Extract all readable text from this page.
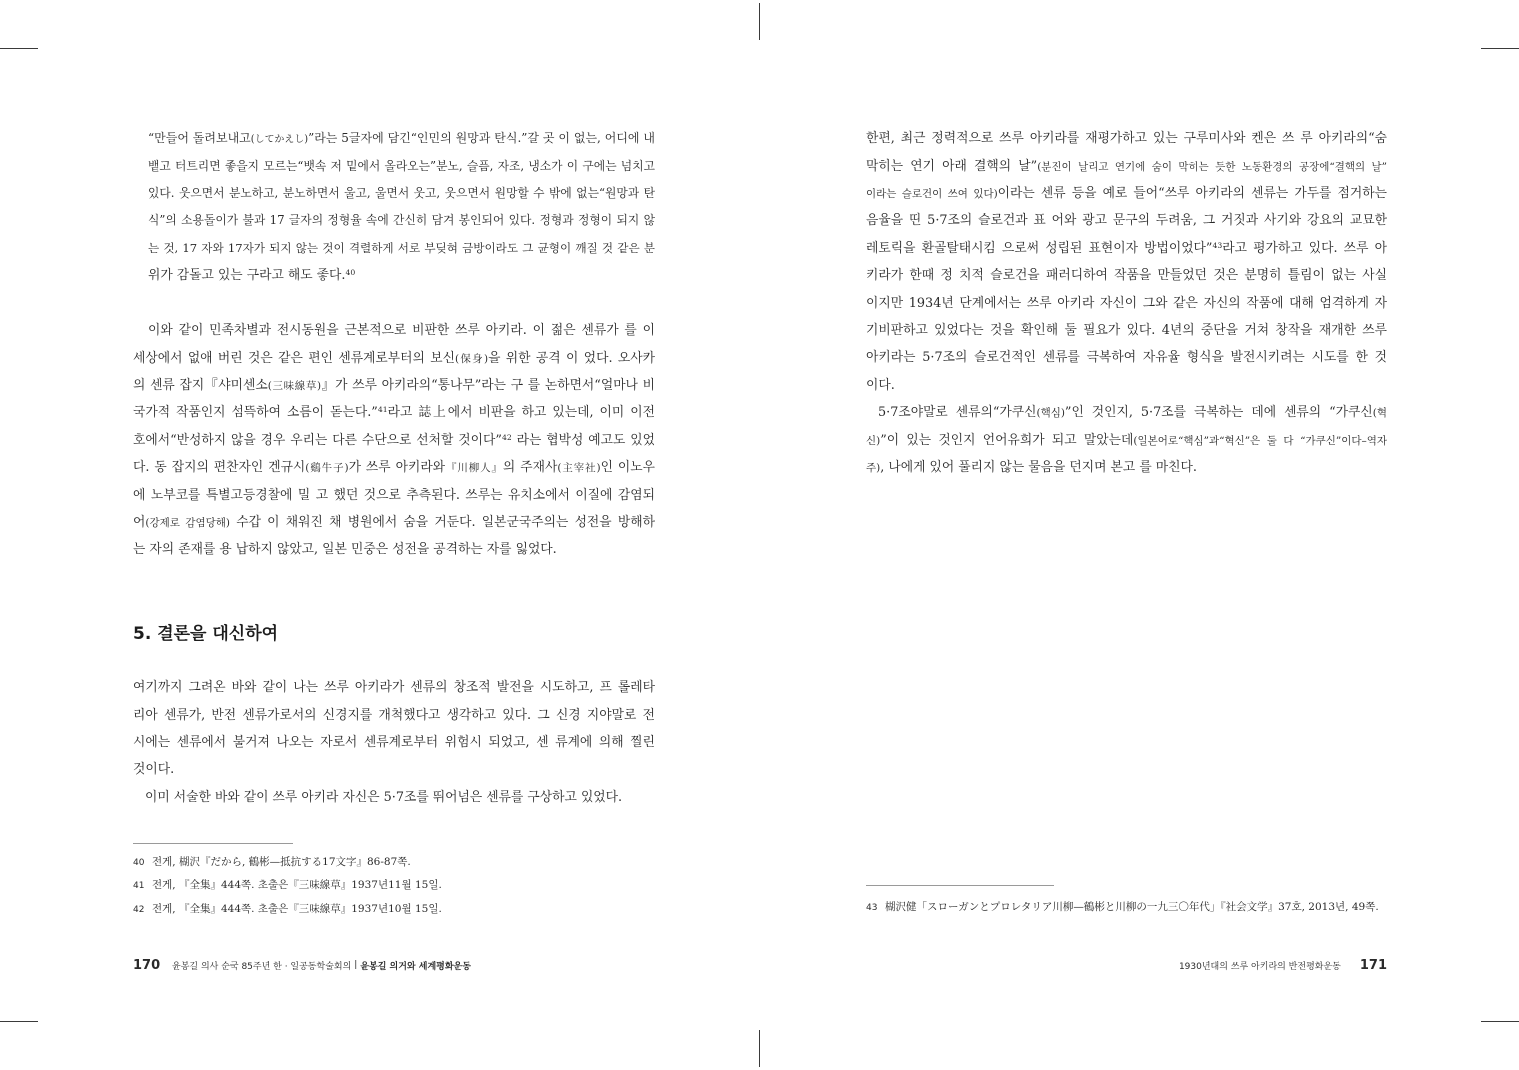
“만들어 돌려보내고(してかえし)”라는 5글자에 담긴“인민의 원망과 탄식.”갈 곳 이 없는, 어디에 내
뱉고 터트리면 좋을지 모르는“뱃속 저 밑에서 올라오는”분노, 슬픔, 자조, 냉소가 이 구에는 넘치고
있다. 웃으면서 분노하고, 분노하면서 울고, 울면서 웃고, 웃으면서 원망할 수 밖에 없는“원망과 탄
식”의 소용돌이가 불과 17 글자의 정형율 속에 간신히 담겨 봉인되어 있다. 정형과 정형이 되지 않
는 것, 17 자와 17자가 되지 않는 것이 격렬하게 서로 부딪혀 금방이라도 그 균형이 깨질 것 같은 분
위가 감돌고 있는 구라고 해도 좋다.$^{40}$
이와 같이 민족차별과 전시동원을 근본적으로 비판한 쓰루 아키라. 이 젊은 센류가 를 이
세상에서 없애 버린 것은 같은 편인 센류계로부터의 보신(保身)을 위한 공격 이 었다. 오사카
의 센류 잡지『샤미센소(三味線草)』가 쓰루 아키라의“통나무”라는 구 를 논하면서“얼마나 비
국가적 작품인지 섬뜩하여 소름이 돋는다.”$^{41}$라고 誌上에서 비판을 하고 있는데, 이미 이전
호에서“반성하지 않을 경우 우리는 다른 수단으로 선처할 것이다”$^{42}$ 라는 협박성 예고도 있었
다. 동 잡지의 편찬자인 겐규시(鷄牛子)가 쓰루 아키라와『川柳人』의 주재사(主宰社)인 이노우
에 노부코를 특별고등경찰에 밀 고 했던 것으로 추측된다. 쓰루는 유치소에서 이질에 감염되
어(강제로 감염당해) 수갑 이 채워진 채 병원에서 숨을 거둔다. 일본군국주의는 성전을 방해하
는 자의 존재를 용 납하지 않았고, 일본 민중은 성전을 공격하는 자를 잃었다.
5. 결론을 대신하여
여기까지 그려온 바와 같이 나는 쓰루 아키라가 센류의 창조적 발전을 시도하고, 프 롤레타
리아 센류가, 반전 센류가로서의 신경지를 개척했다고 생각하고 있다. 그 신경 지야말로 전
시에는 센류에서 불거져 나오는 자로서 센류계로부터 위험시 되었고, 센 류계에 의해 찔린
것이다.
이미 서술한 바와 같이 쓰루 아키라 자신은 5·7조를 뛰어넘은 센류를 구상하고 있었다.
40 전게, 楜沢『だから, 鶴彬—抵抗する17文字』86-87쪽.
41 전게, 『全集』444쪽. 초출은『三味線草』1937년11월 15일.
42 전게, 『全集』444쪽. 초출은『三味線草』1937년10월 15일.
170	윤봉길 의사 순국 85주년 한 · 일공동학술회의 | 윤봉길 의거와 세계평화운동
한편, 최근 정력적으로 쓰루 아키라를 재평가하고 있는 구루미사와 켄은 쓰 루 아키라의“숨
막히는 연기 아래 결핵의 날”(분진이 날리고 연기에 숨이 막히는 듯한 노동환경의 공장에“결핵의 날”
이라는 슬로건이 쓰여 있다)이라는 센류 등을 예로 들어“쓰루 아키라의 센류는 가두를 점거하는
음율을 띤 5·7조의 슬로건과 표 어와 광고 문구의 두려움, 그 거짓과 사기와 강요의 교묘한
레토릭을 환골탈태시킴 으로써 성립된 표현이자 방법이었다”$^{43}$라고 평가하고 있다. 쓰루 아
키라가 한때 정 치적 슬로건을 패러디하여 작품을 만들었던 것은 분명히 틀림이 없는 사실
이지만 1934년 단계에서는 쓰루 아키라 자신이 그와 같은 자신의 작품에 대해 엄격하게 자
기비판하고 있었다는 것을 확인해 둘 필요가 있다. 4년의 중단을 거쳐 창작을 재개한 쓰루
아키라는 5·7조의 슬로건적인 센류를 극복하여 자유율 형식을 발전시키려는 시도를 한 것
이다.
5·7조야말로 센류의“가쿠신(핵심)”인 것인지, 5·7조를 극복하는 데에 센류의 “가쿠신(혁
신)”이 있는 것인지 언어유희가 되고 말았는데(일본어로“핵심”과“혁신”은 둘 다 “가쿠신”이다–역자
주), 나에게 있어 풀리지 않는 물음을 던지며 본고 를 마친다.
43 楜沢健「スローガンとプロレタリア川柳—鶴彬と川柳の一九三〇年代」『社会文学』37호, 2013년, 49쪽.
1930년대의 쓰루 아키라의 반전평화운동 171
